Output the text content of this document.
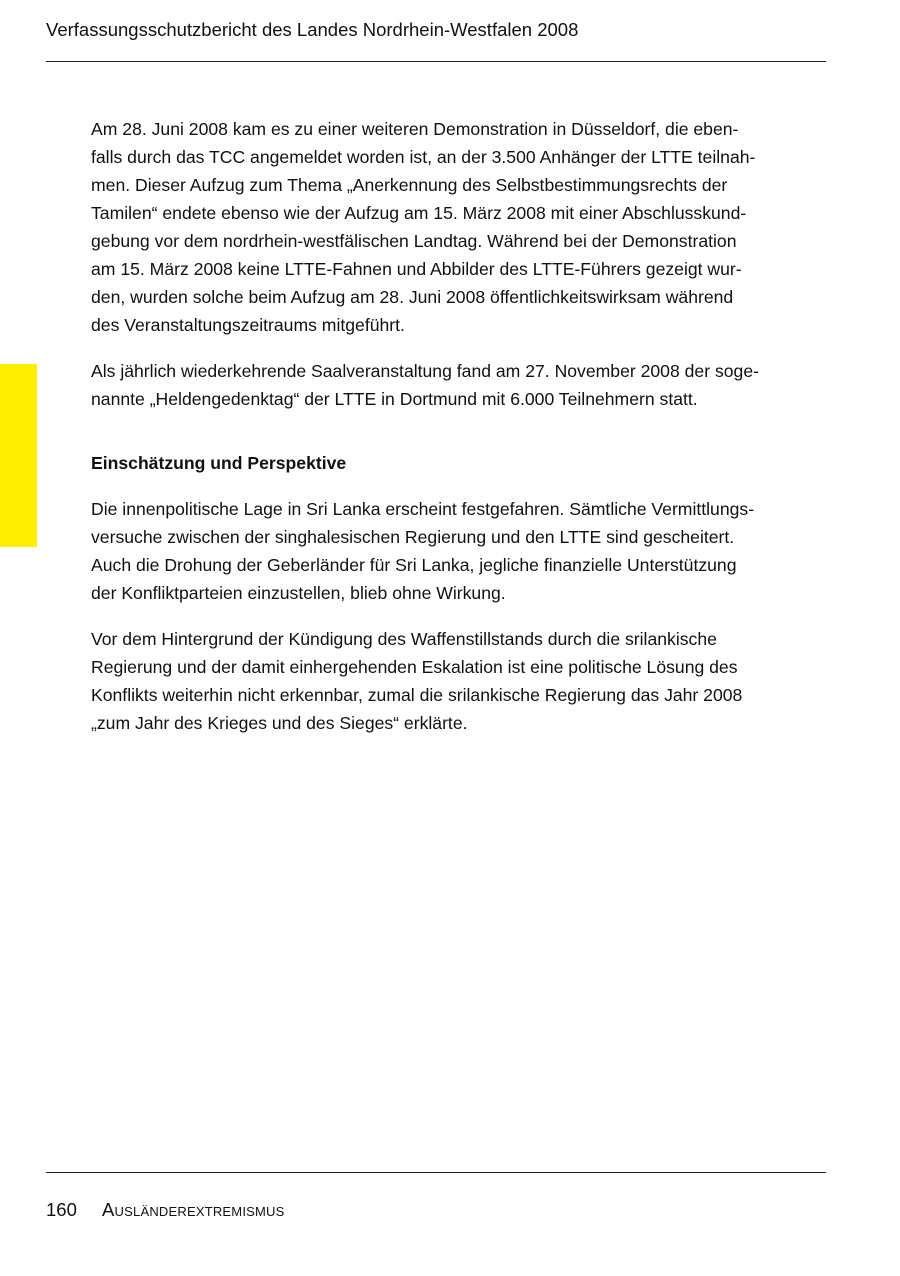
Verfassungsschutzbericht des Landes Nordrhein-Westfalen 2008

Am 28. Juni 2008 kam es zu einer weiteren Demonstration in Düsseldorf, die eben-
falls durch das TCC angemeldet worden ist, an der 3.500 Anhänger der LTTE teilnah-
men. Dieser Aufzug zum Thema „Anerkennung des Selbstbestimmungsrechts der
Tamilen“ endete ebenso wie der Aufzug am 15. März 2008 mit einer Abschlusskund-
gebung vor dem nordrhein-westfälischen Landtag. Während bei der Demonstration
am 15. März 2008 keine LTTE-Fahnen und Abbilder des LTTE-Führers gezeigt wur-
den, wurden solche beim Aufzug am 28. Juni 2008 öffentlichkeitswirksam während
des Veranstaltungszeitraums mitgeführt.

Als jährlich wiederkehrende Saalveranstaltung fand am 27. November 2008 der soge-
nannte „Heldengedenktag“ der LTTE in Dortmund mit 6.000 Teilnehmern statt.

Einschätzung und Perspektive

Die innenpolitische Lage in Sri Lanka erscheint festgefahren. Sämtliche Vermittlungs-
versuche zwischen der singhalesischen Regierung und den LTTE sind gescheitert.
Auch die Drohung der Geberländer für Sri Lanka, jegliche finanzielle Unterstützung
der Konfliktparteien einzustellen, blieb ohne Wirkung.

Vor dem Hintergrund der Kündigung des Waffenstillstands durch die srilankische
Regierung und der damit einhergehenden Eskalation ist eine politische Lösung des
Konflikts weiterhin nicht erkennbar, zumal die srilankische Regierung das Jahr 2008
„zum Jahr des Krieges und des Sieges“ erklärte.

160 Ausländerextremismus
